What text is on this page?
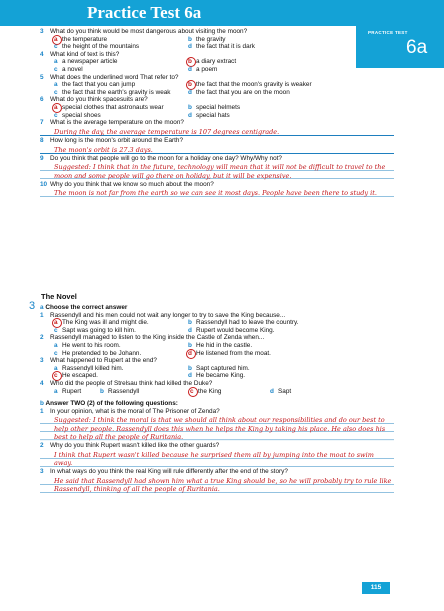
Practice Test 6a
PRACTICE TEST
6a
3 What do you think would be most dangerous about visiting the moon?
a the temperature	b the gravity
c the height of the mountains	d the fact that it is dark
4 What kind of text is this?
a a newspaper article	b a diary extract
c a novel	d a poem
5 What does the underlined word That refer to?
a the fact that you can jump	b the fact that the moon's gravity is weaker
c the fact that the earth's gravity is weak	d the fact that you are on the moon
6 What do you think spacesuits are?
a special clothes that astronauts wear	b special helmets
c special shoes	d special hats
7 What is the average temperature on the moon?
During the day, the average temperature is 107 degrees centigrade.
8 How long is the moon's orbit around the Earth?
The moon's orbit is 27.3 days.
9 Do you think that people will go to the moon for a holiday one day? Why/Why not?
Suggested: I think that in the future, technology will mean that it will not be difficult to travel to the moon and some people will go there on holiday, but it will be expensive.
10 Why do you think that we know so much about the moon?
The moon is not far from the earth so we can see it most days. People have been there to study it.
The Novel
3 a Choose the correct answer
1 Rassendyll and his men could not wait any longer to try to save the King because...
a The King was ill and might die.	b Rassendyll had to leave the country.
c Sapt was going to kill him.	d Rupert would become King.
2 Rassendyll managed to listen to the King inside the Castle of Zenda when...
a He went to his room.	b He hid in the castle.
c He pretended to be Johann.	d He listened from the moat.
3 What happened to Rupert at the end?
a Rassendyll killed him.	b Sapt captured him.
c He escaped.	d He became King.
4 Who did the people of Strelsau think had killed the Duke?
a Rupert	b Rassendyll	c the King	d Sapt
b Answer TWO (2) of the following questions:
1 In your opinion, what is the moral of The Prisoner of Zenda?
Suggested: I think the moral is that we should all think about our responsibilities and do our best to help other people. Rassendyll does this when he helps the King by taking his place. He also does his best to help all the people of Ruritania.
2 Why do you think Rupert wasn't killed like the other guards?
I think that Rupert wasn't killed because he surprised them all by jumping into the moat to swim away.
3 In what ways do you think the real King will rule differently after the end of the story?
He said that Rassendyll had shown him what a true King should be, so he will probably try to rule like Rassendyll, thinking of all the people of Ruritania.
115
